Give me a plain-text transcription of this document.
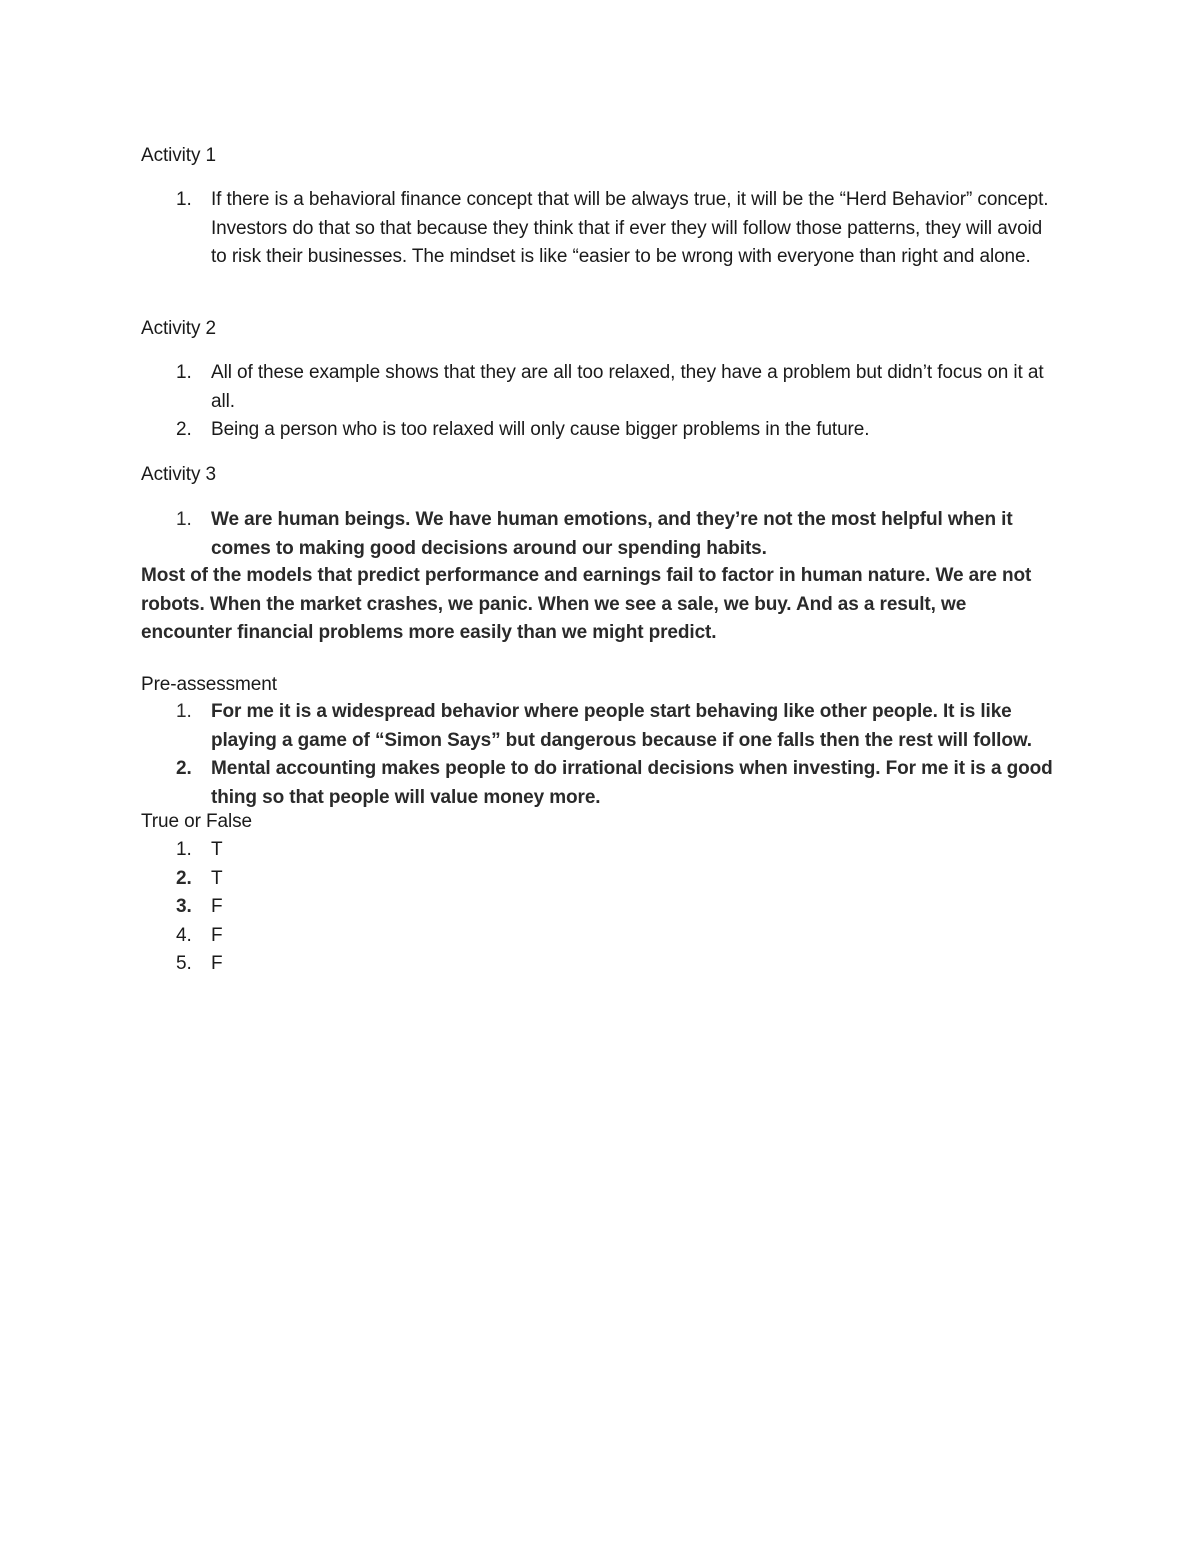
Activity 1
1. If there is a behavioral finance concept that will be always true, it will be the “Herd Behavior” concept. Investors do that so that because they think that if ever they will follow those patterns, they will avoid to risk their businesses. The mindset is like “easier to be wrong with everyone than right and alone.
Activity 2
1. All of these example shows that they are all too relaxed, they have a problem but didn’t focus on it at all.
2. Being a person who is too relaxed will only cause bigger problems in the future.
Activity 3
1. We are human beings. We have human emotions, and they’re not the most helpful when it comes to making good decisions around our spending habits.

Most of the models that predict performance and earnings fail to factor in human nature. We are not robots. When the market crashes, we panic. When we see a sale, we buy. And as a result, we encounter financial problems more easily than we might predict.

Pre-assessment
1. For me it is a widespread behavior where people start behaving like other people. It is like playing a game of “Simon Says” but dangerous because if one falls then the rest will follow.
2. Mental accounting makes people to do irrational decisions when investing. For me it is a good thing so that people will value money more.
True or False
1. T
2. T
3. F
4. F
5. F
